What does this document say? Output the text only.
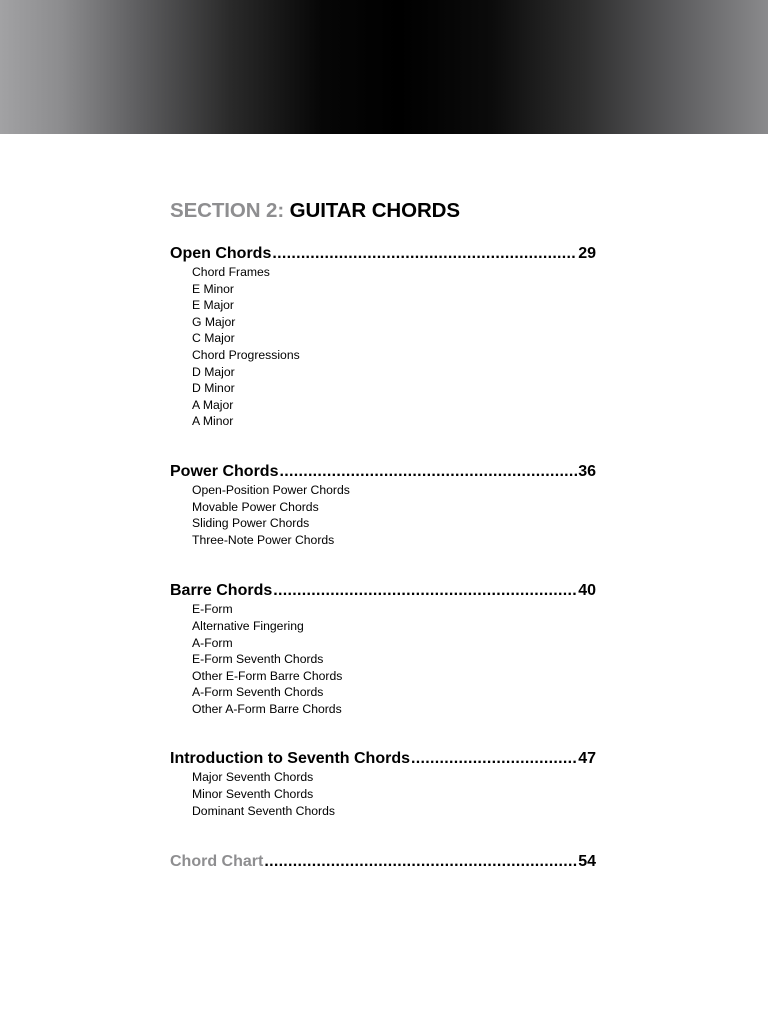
SECTION 2: GUITAR CHORDS
Open Chords .....	29
Chord Frames
E Minor
E Major
G Major
C Major
Chord Progressions
D Major
D Minor
A Major
A Minor
Power Chords .....	36
Open-Position Power Chords
Movable Power Chords
Sliding Power Chords
Three-Note Power Chords
Barre Chords .....	40
E-Form
Alternative Fingering
A-Form
E-Form Seventh Chords
Other E-Form Barre Chords
A-Form Seventh Chords
Other A-Form Barre Chords
Introduction to Seventh Chords .....	47
Major Seventh Chords
Minor Seventh Chords
Dominant Seventh Chords
Chord Chart .....	54
